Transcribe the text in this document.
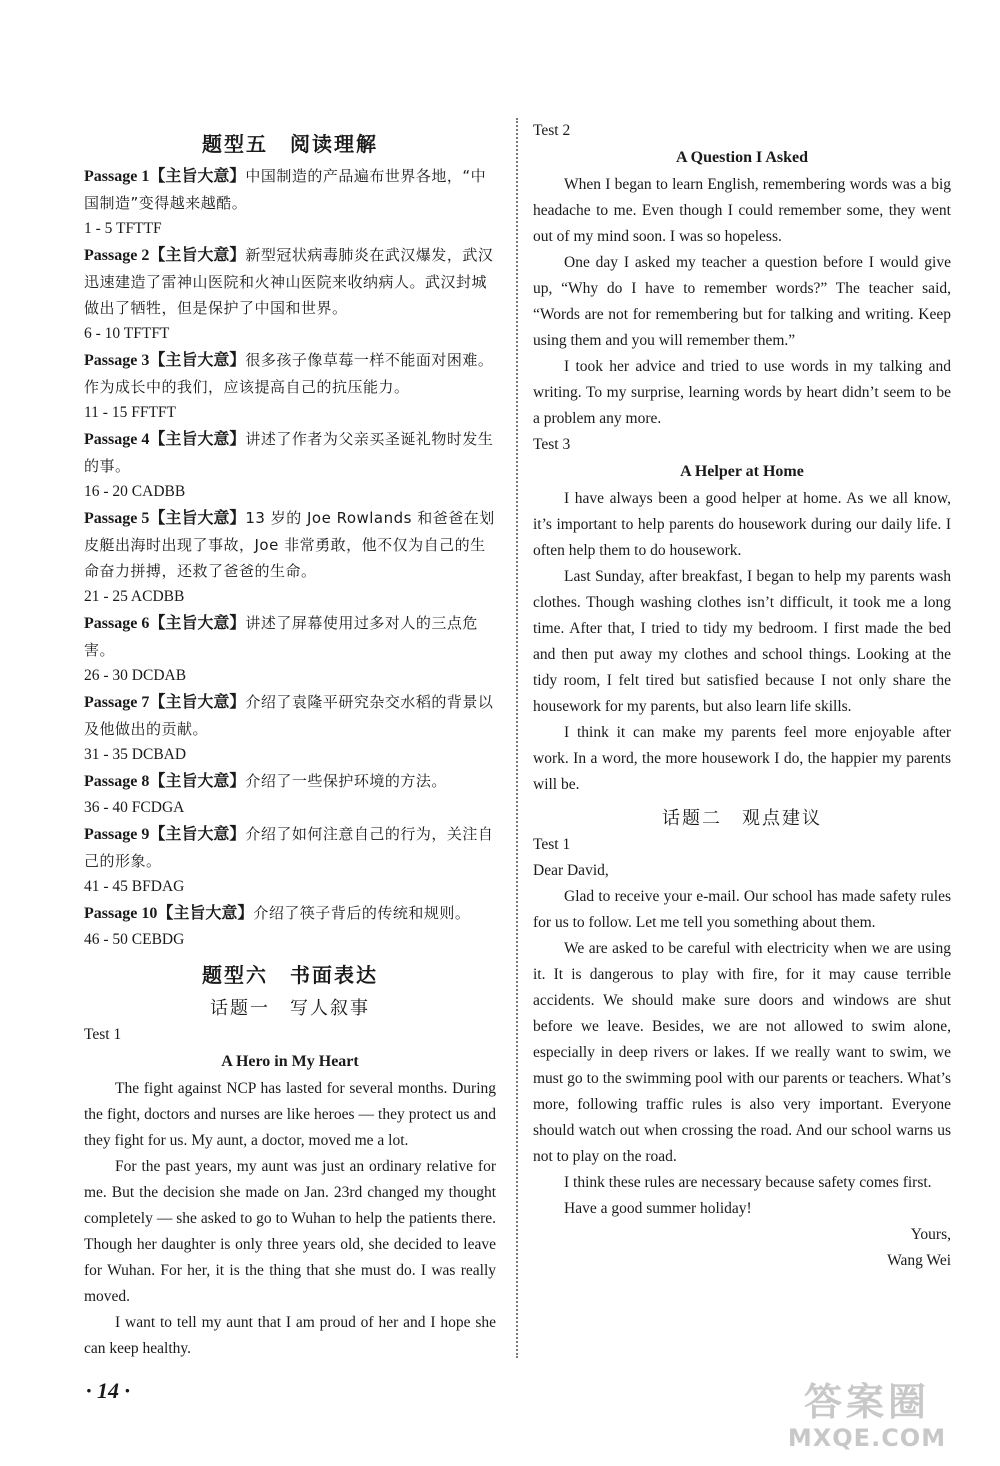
题型五　阅读理解
Passage 1【主旨大意】中国制造的产品遍布世界各地，“中国制造”变得越来越酷。
1 - 5 TFTTF
Passage 2【主旨大意】新型冠状病毒肺炎在武汉爆发，武汉迅速建造了雷神山医院和火神山医院来收纳病人。武汉封城做出了牺牲，但是保护了中国和世界。
6 - 10 TFTFT
Passage 3【主旨大意】很多孩子像草莓一样不能面对困难。作为成长中的我们，应该提高自己的抗压能力。
11 - 15 FFTFT
Passage 4【主旨大意】讲述了作者为父亲买圣诞礼物时发生的事。
16 - 20 CADBB
Passage 5【主旨大意】13 岁的 Joe Rowlands 和爸爸在划皮艇出海时出现了事故，Joe 非常勇敢，他不仅为自己的生命奋力拼搏，还救了爸爸的生命。
21 - 25 ACDBB
Passage 6【主旨大意】讲述了屏幕使用过多对人的三点危害。
26 - 30 DCDAB
Passage 7【主旨大意】介绍了袁隆平研究杂交水稻的背景以及他做出的贡献。
31 - 35 DCBAD
Passage 8【主旨大意】介绍了一些保护环境的方法。
36 - 40 FCDGA
Passage 9【主旨大意】介绍了如何注意自己的行为，关注自己的形象。
41 - 45 BFDAG
Passage 10【主旨大意】介绍了筷子背后的传统和规则。
46 - 50 CEBDG
题型六　书面表达
话题一　写人叙事
Test 1
A Hero in My Heart

The fight against NCP has lasted for several months. During the fight, doctors and nurses are like heroes — they protect us and they fight for us. My aunt, a doctor, moved me a lot.

For the past years, my aunt was just an ordinary relative for me. But the decision she made on Jan. 23rd changed my thought completely — she asked to go to Wuhan to help the patients there. Though her daughter is only three years old, she decided to leave for Wuhan. For her, it is the thing that she must do. I was really moved.

I want to tell my aunt that I am proud of her and I hope she can keep healthy.

Test 2
A Question I Asked

When I began to learn English, remembering words was a big headache to me. Even though I could remember some, they went out of my mind soon. I was so hopeless.

One day I asked my teacher a question before I would give up, “Why do I have to remember words?” The teacher said, “Words are not for remembering but for talking and writing. Keep using them and you will remember them.”

I took her advice and tried to use words in my talking and writing. To my surprise, learning words by heart didn’t seem to be a problem any more.

Test 3
A Helper at Home

I have always been a good helper at home. As we all know, it’s important to help parents do housework during our daily life. I often help them to do housework.

Last Sunday, after breakfast, I began to help my parents wash clothes. Though washing clothes isn’t difficult, it took me a long time. After that, I tried to tidy my bedroom. I first made the bed and then put away my clothes and school things. Looking at the tidy room, I felt tired but satisfied because I not only share the housework for my parents, but also learn life skills.

I think it can make my parents feel more enjoyable after work. In a word, the more housework I do, the happier my parents will be.

话题二　观点建议
Test 1

Dear David,

Glad to receive your e-mail. Our school has made safety rules for us to follow. Let me tell you something about them.

We are asked to be careful with electricity when we are using it. It is dangerous to play with fire, for it may cause terrible accidents. We should make sure doors and windows are shut before we leave. Besides, we are not allowed to swim alone, especially in deep rivers or lakes. If we really want to swim, we must go to the swimming pool with our parents or teachers. What’s more, following traffic rules is also very important. Everyone should watch out when crossing the road. And our school warns us not to play on the road.

I think these rules are necessary because safety comes first.

Have a good summer holiday!

Yours,

Wang Wei

· 14 ·	答案圈
MXQE.COM
